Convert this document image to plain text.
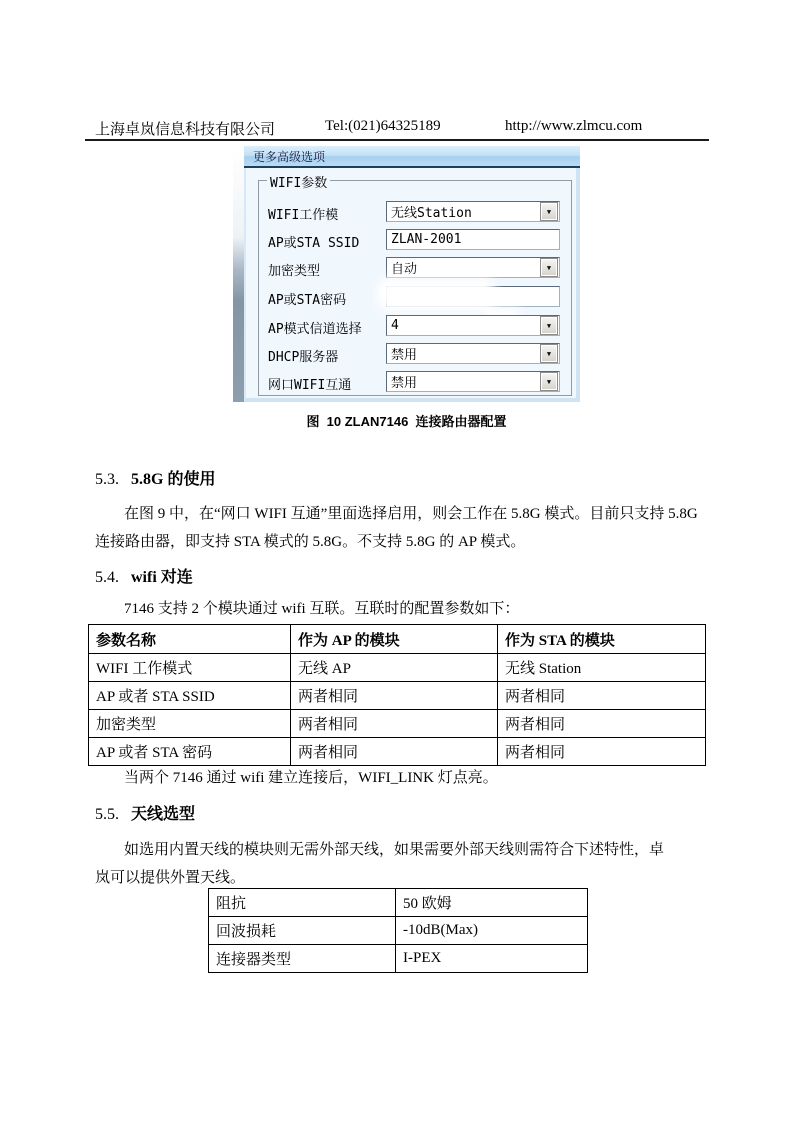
上海卓岚信息科技有限公司	Tel:(021)64325189	http://www.zlmcu.com
更多高级选项
WIFI参数
WIFI工作模	无线Station	▼
AP或STA SSID	ZLAN-2001
加密类型	自动	▼
AP或STA密码
AP模式信道选择	4	▼
DHCP服务器	禁用	▼
网口WIFI互通	禁用	▼
图  10 ZLAN7146  连接路由器配置
5.3. 5.8G 的使用
在图 9 中，在“网口 WIFI 互通”里面选择启用，则会工作在 5.8G 模式。目前只支持 5.8G
连接路由器，即支持 STA 模式的 5.8G。不支持 5.8G 的 AP 模式。
5.4. wifi 对连
7146 支持 2 个模块通过 wifi 互联。互联时的配置参数如下：
参数名称	作为 AP 的模块	作为 STA 的模块
WIFI 工作模式	无线 AP	无线 Station
AP 或者 STA SSID	两者相同	两者相同
加密类型	两者相同	两者相同
AP 或者 STA 密码	两者相同	两者相同
当两个 7146 通过 wifi 建立连接后，WIFI_LINK 灯点亮。
5.5. 天线选型
如选用内置天线的模块则无需外部天线，如果需要外部天线则需符合下述特性，卓
岚可以提供外置天线。
阻抗	50 欧姆
回波损耗	-10dB(Max)
连接器类型	I-PEX
